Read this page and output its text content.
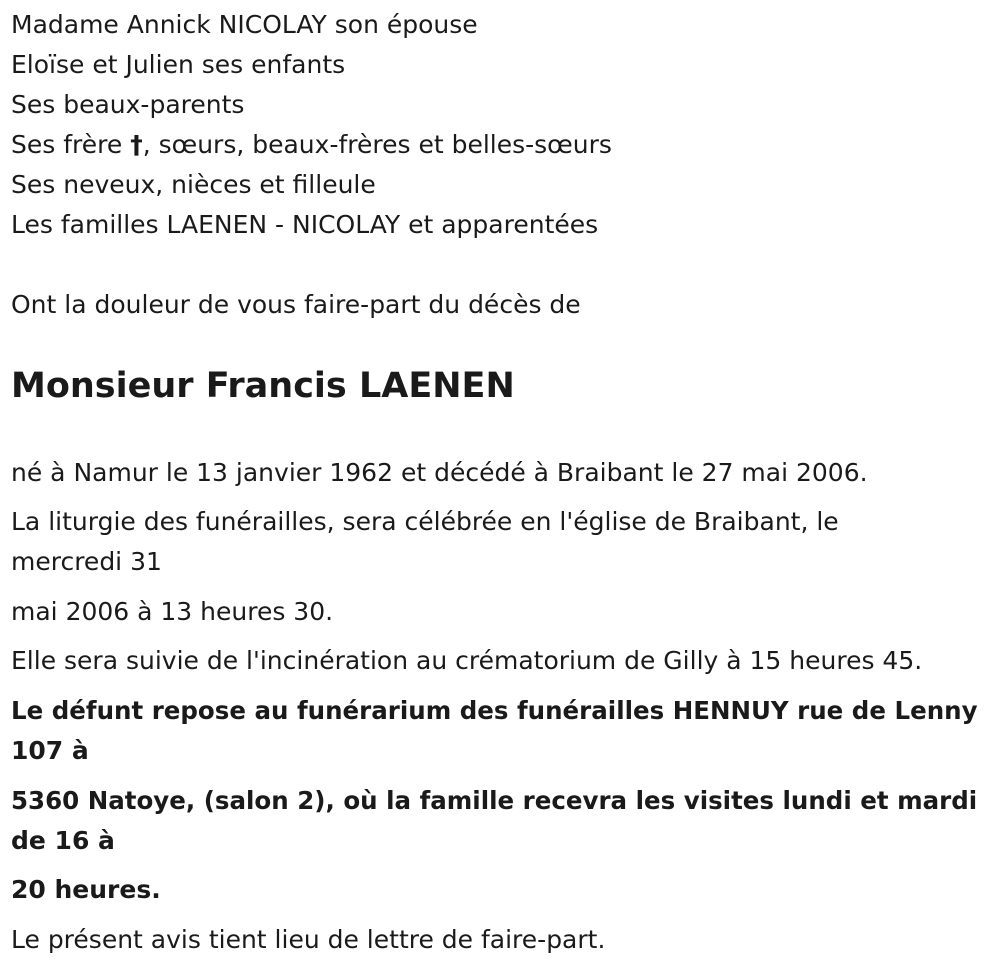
Madame Annick NICOLAY son épouse
Eloïse et Julien ses enfants
Ses beaux-parents
Ses frère †, sœurs, beaux-frères et belles-sœurs
Ses neveux, nièces et filleule
Les familles LAENEN - NICOLAY et apparentées
Ont la douleur de vous faire-part du décès de
Monsieur Francis LAENEN
né à Namur le 13 janvier 1962 et décédé à Braibant le 27 mai 2006.
La liturgie des funérailles, sera célébrée en l'église de Braibant, le
mercredi 31
mai 2006 à 13 heures 30.
Elle sera suivie de l'incinération au crématorium de Gilly à 15 heures 45.
Le défunt repose au funérarium des funérailles HENNUY rue de Lenny
107 à
5360 Natoye, (salon 2), où la famille recevra les visites lundi et mardi
de 16 à
20 heures.
Le présent avis tient lieu de lettre de faire-part.
